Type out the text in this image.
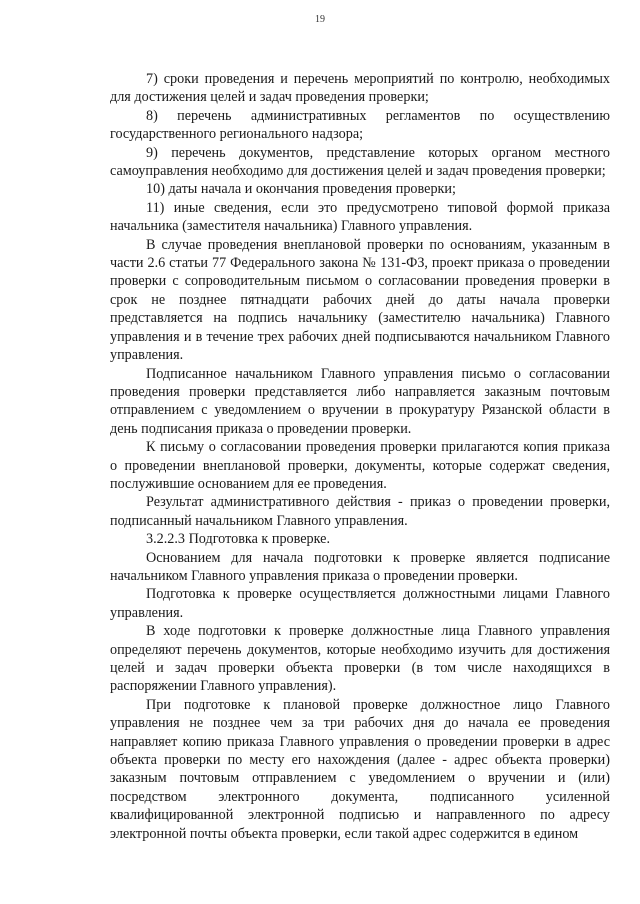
19

7) сроки проведения и перечень мероприятий по контролю, необходимых для достижения целей и задач проведения проверки;

8) перечень административных регламентов по осуществлению государственного регионального надзора;

9) перечень документов, представление которых органом местного самоуправления необходимо для достижения целей и задач проведения проверки;

10) даты начала и окончания проведения проверки;

11) иные сведения, если это предусмотрено типовой формой приказа начальника (заместителя начальника) Главного управления.

В случае проведения внеплановой проверки по основаниям, указанным в части 2.6 статьи 77 Федерального закона № 131-ФЗ, проект приказа о проведении проверки с сопроводительным письмом о согласовании проведения проверки в срок не позднее пятнадцати рабочих дней до даты начала проверки представляется на подпись начальнику (заместителю начальника) Главного управления и в течение трех рабочих дней подписываются начальником Главного управления.

Подписанное начальником Главного управления письмо о согласовании проведения проверки представляется либо направляется заказным почтовым отправлением с уведомлением о вручении в прокуратуру Рязанской области в день подписания приказа о проведении проверки.

К письму о согласовании проведения проверки прилагаются копия приказа о проведении внеплановой проверки, документы, которые содержат сведения, послужившие основанием для ее проведения.

Результат административного действия - приказ о проведении проверки, подписанный начальником Главного управления.

3.2.2.3 Подготовка к проверке.

Основанием для начала подготовки к проверке является подписание начальником Главного управления приказа о проведении проверки.

Подготовка к проверке осуществляется должностными лицами Главного управления.

В ходе подготовки к проверке должностные лица Главного управления определяют перечень документов, которые необходимо изучить для достижения целей и задач проверки объекта проверки (в том числе находящихся в распоряжении Главного управления).

При подготовке к плановой проверке должностное лицо Главного управления не позднее чем за три рабочих дня до начала ее проведения направляет копию приказа Главного управления о проведении проверки в адрес объекта проверки по месту его нахождения (далее - адрес объекта проверки) заказным почтовым отправлением с уведомлением о вручении и (или) посредством электронного документа, подписанного усиленной квалифицированной электронной подписью и направленного по адресу электронной почты объекта проверки, если такой адрес содержится в едином
